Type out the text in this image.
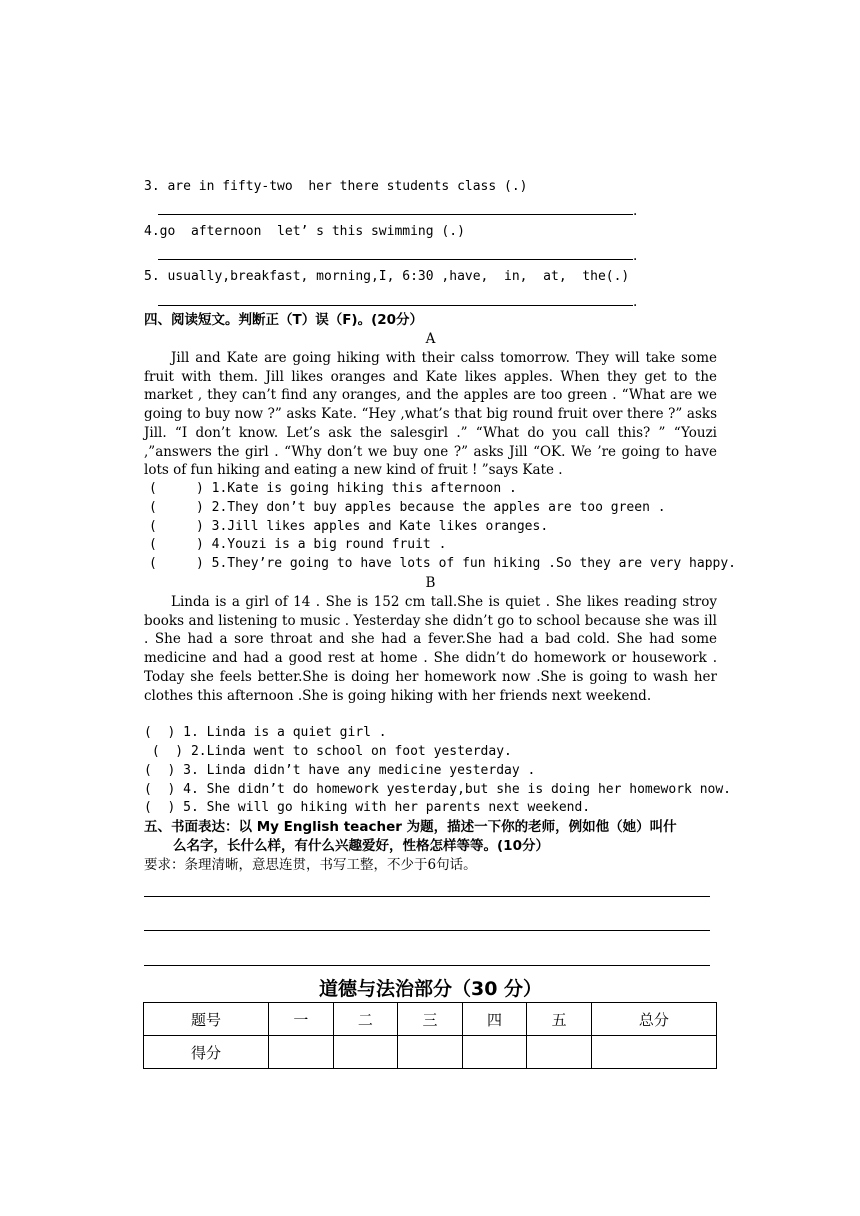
3. are in fifty-two  her there students class (.)
.
4.go  afternoon  let’ s this swimming (.)
.
5. usually,breakfast, morning,I, 6:30 ,have,  in,  at,  the(.)
.
四、阅读短文。判断正（T）误（F)。(20分）
A

Jill and Kate are going hiking with their calss tomorrow. They will take some fruit with them. Jill likes oranges and Kate likes apples. When they get to the market , they can’t find any oranges, and the apples are too green . “What are we going to buy now ?” asks Kate. “Hey ,what’s that big round fruit over there ?” asks Jill. “I don’t know. Let’s ask the salesgirl .” “What do you call this? ” “Youzi ,”answers the girl . “Why don’t we buy one ?” asks Jill “OK. We ’re going to have lots of fun hiking and eating a new kind of fruit ! ”says Kate .

(     ) 1.Kate is going hiking this afternoon .
(     ) 2.They don’t buy apples because the apples are too green .
(     ) 3.Jill likes apples and Kate likes oranges.
(     ) 4.Youzi is a big round fruit .
(     ) 5.They’re going to have lots of fun hiking .So they are very happy.
B

Linda is a girl of 14 . She is 152 cm tall.She is quiet . She likes reading stroy books and listening to music . Yesterday she didn’t go to school because she was ill . She had a sore throat and she had a fever.She had a bad cold. She had some medicine and had a good rest at home . She didn’t do homework or housework . Today she feels better.She is doing her homework now .She is going to wash her clothes this afternoon .She is going hiking with her friends next weekend.

(  ) 1. Linda is a quiet girl .
(  ) 2.Linda went to school on foot yesterday.
(  ) 3. Linda didn’t have any medicine yesterday .
(  ) 4. She didn’t do homework yesterday,but she is doing her homework now.
(  ) 5. She will go hiking with her parents next weekend.
五、书面表达：以 My English teacher 为题，描述一下你的老师，例如他（她）叫什
么名字，长什么样，有什么兴趣爱好，性格怎样等等。(10分）
要求：条理清晰，意思连贯，书写工整，不少于6句话。
道德与法治部分（30 分）
题号	一	二	三	四	五	总分
得分						
